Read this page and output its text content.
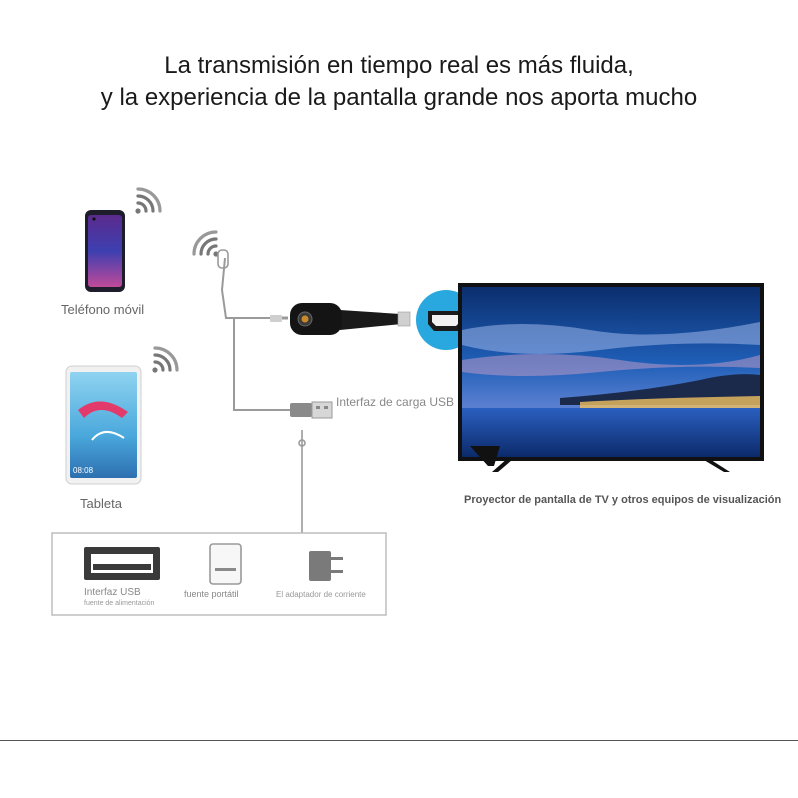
La transmisión en tiempo real es más fluida,
y la experiencia de la pantalla grande nos aporta mucho
Teléfono móvil
Tableta
08:08
Interfaz de carga USB
Proyector de pantalla de TV y otros equipos de visualización
Interfaz USB
fuente de alimentación
fuente portátil	El adaptador de corriente
